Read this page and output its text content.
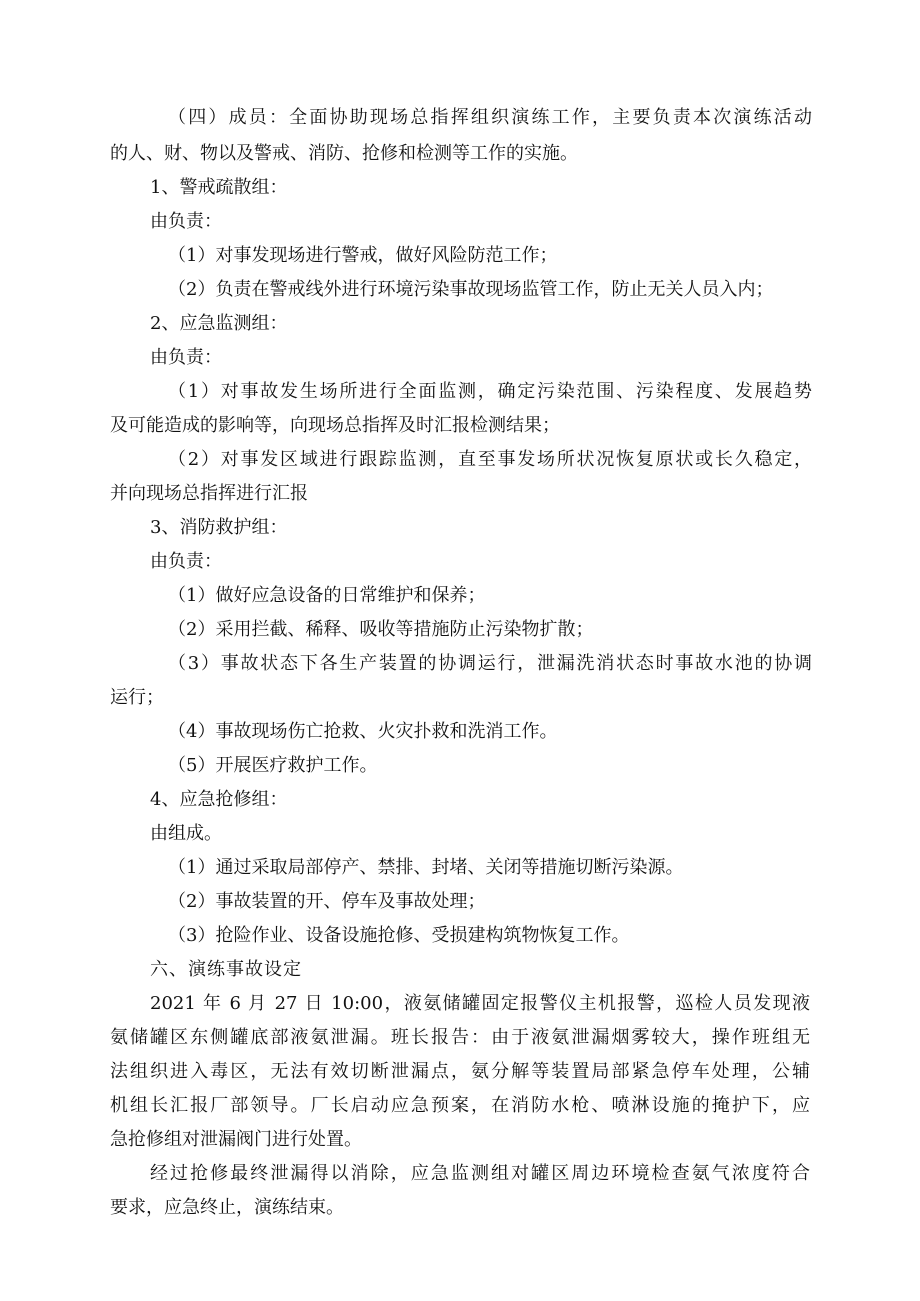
（四）成员：全面协助现场总指挥组织演练工作，主要负责本次演练活动
的人、财、物以及警戒、消防、抢修和检测等工作的实施。
1、警戒疏散组：
由负责：
（1）对事发现场进行警戒，做好风险防范工作；
（2）负责在警戒线外进行环境污染事故现场监管工作，防止无关人员入内；
2、应急监测组：
由负责：
（1）对事故发生场所进行全面监测，确定污染范围、污染程度、发展趋势
及可能造成的影响等，向现场总指挥及时汇报检测结果；
（2）对事发区域进行跟踪监测，直至事发场所状况恢复原状或长久稳定，
并向现场总指挥进行汇报
3、消防救护组：
由负责：
（1）做好应急设备的日常维护和保养；
（2）采用拦截、稀释、吸收等措施防止污染物扩散；
（3）事故状态下各生产装置的协调运行，泄漏洗消状态时事故水池的协调
运行；
（4）事故现场伤亡抢救、火灾扑救和洗消工作。
（5）开展医疗救护工作。
4、应急抢修组：
由组成。
（1）通过采取局部停产、禁排、封堵、关闭等措施切断污染源。
（2）事故装置的开、停车及事故处理；
（3）抢险作业、设备设施抢修、受损建构筑物恢复工作。
六、演练事故设定
2021 年 6 月 27 日 10:00，液氨储罐固定报警仪主机报警，巡检人员发现液
氨储罐区东侧罐底部液氨泄漏。班长报告：由于液氨泄漏烟雾较大，操作班组无
法组织进入毒区，无法有效切断泄漏点，氨分解等装置局部紧急停车处理，公辅
机组长汇报厂部领导。厂长启动应急预案，在消防水枪、喷淋设施的掩护下，应
急抢修组对泄漏阀门进行处置。
经过抢修最终泄漏得以消除，应急监测组对罐区周边环境检查氨气浓度符合
要求，应急终止，演练结束。
